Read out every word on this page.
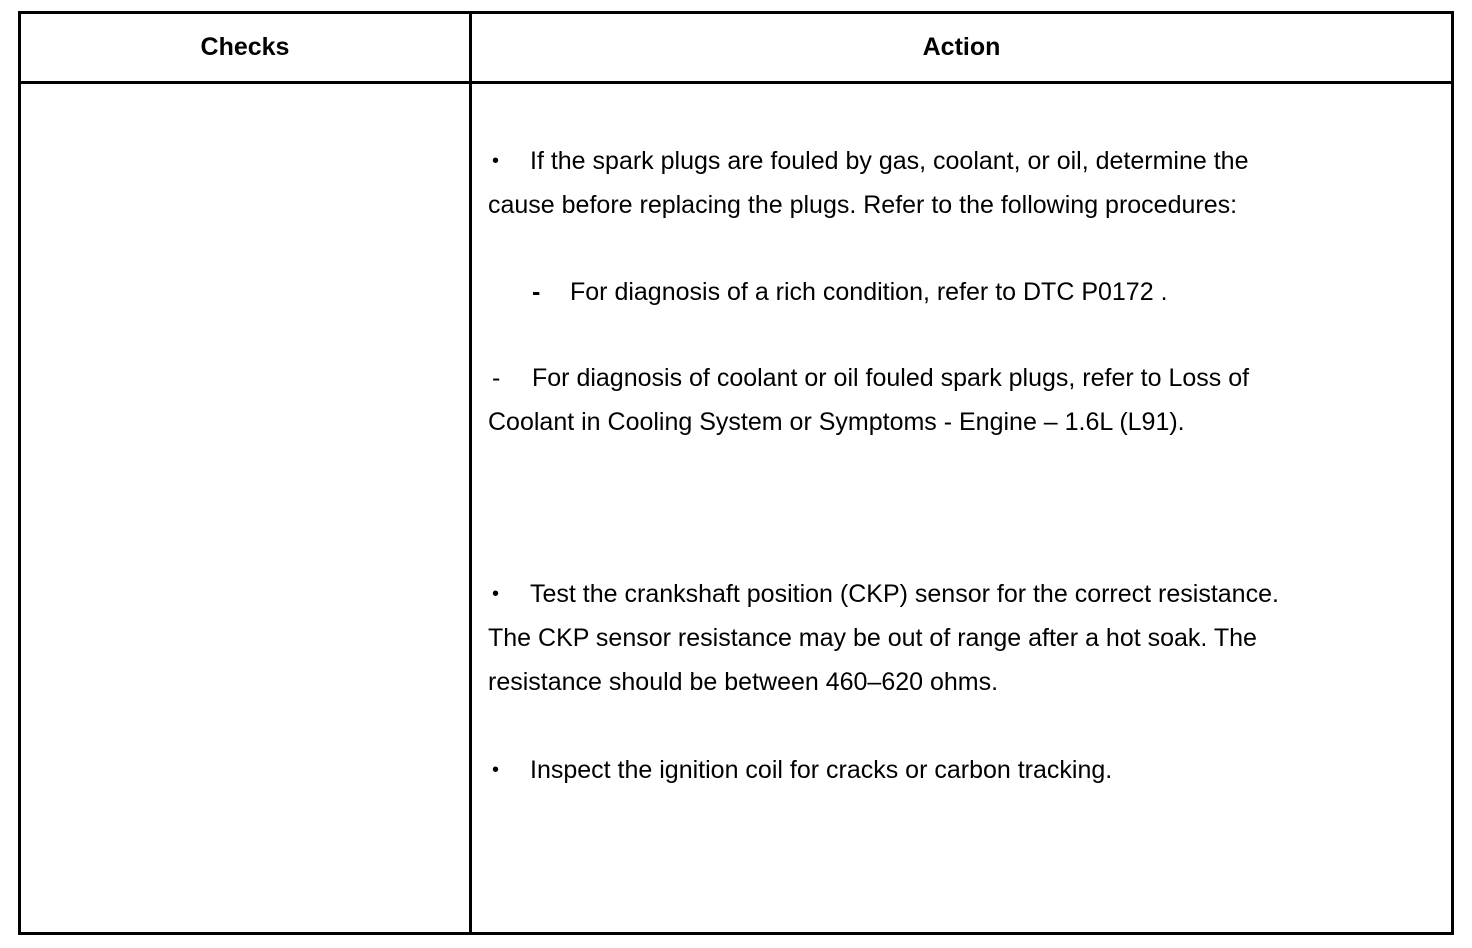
Checks	Action

• If the spark plugs are fouled by gas, coolant, or oil, determine the
cause before replacing the plugs. Refer to the following procedures:

- For diagnosis of a rich condition, refer to DTC P0172 .

- For diagnosis of coolant or oil fouled spark plugs, refer to Loss of
Coolant in Cooling System or Symptoms - Engine – 1.6L (L91).

• Test the crankshaft position (CKP) sensor for the correct resistance.
The CKP sensor resistance may be out of range after a hot soak. The
resistance should be between 460–620 ohms.

• Inspect the ignition coil for cracks or carbon tracking.
